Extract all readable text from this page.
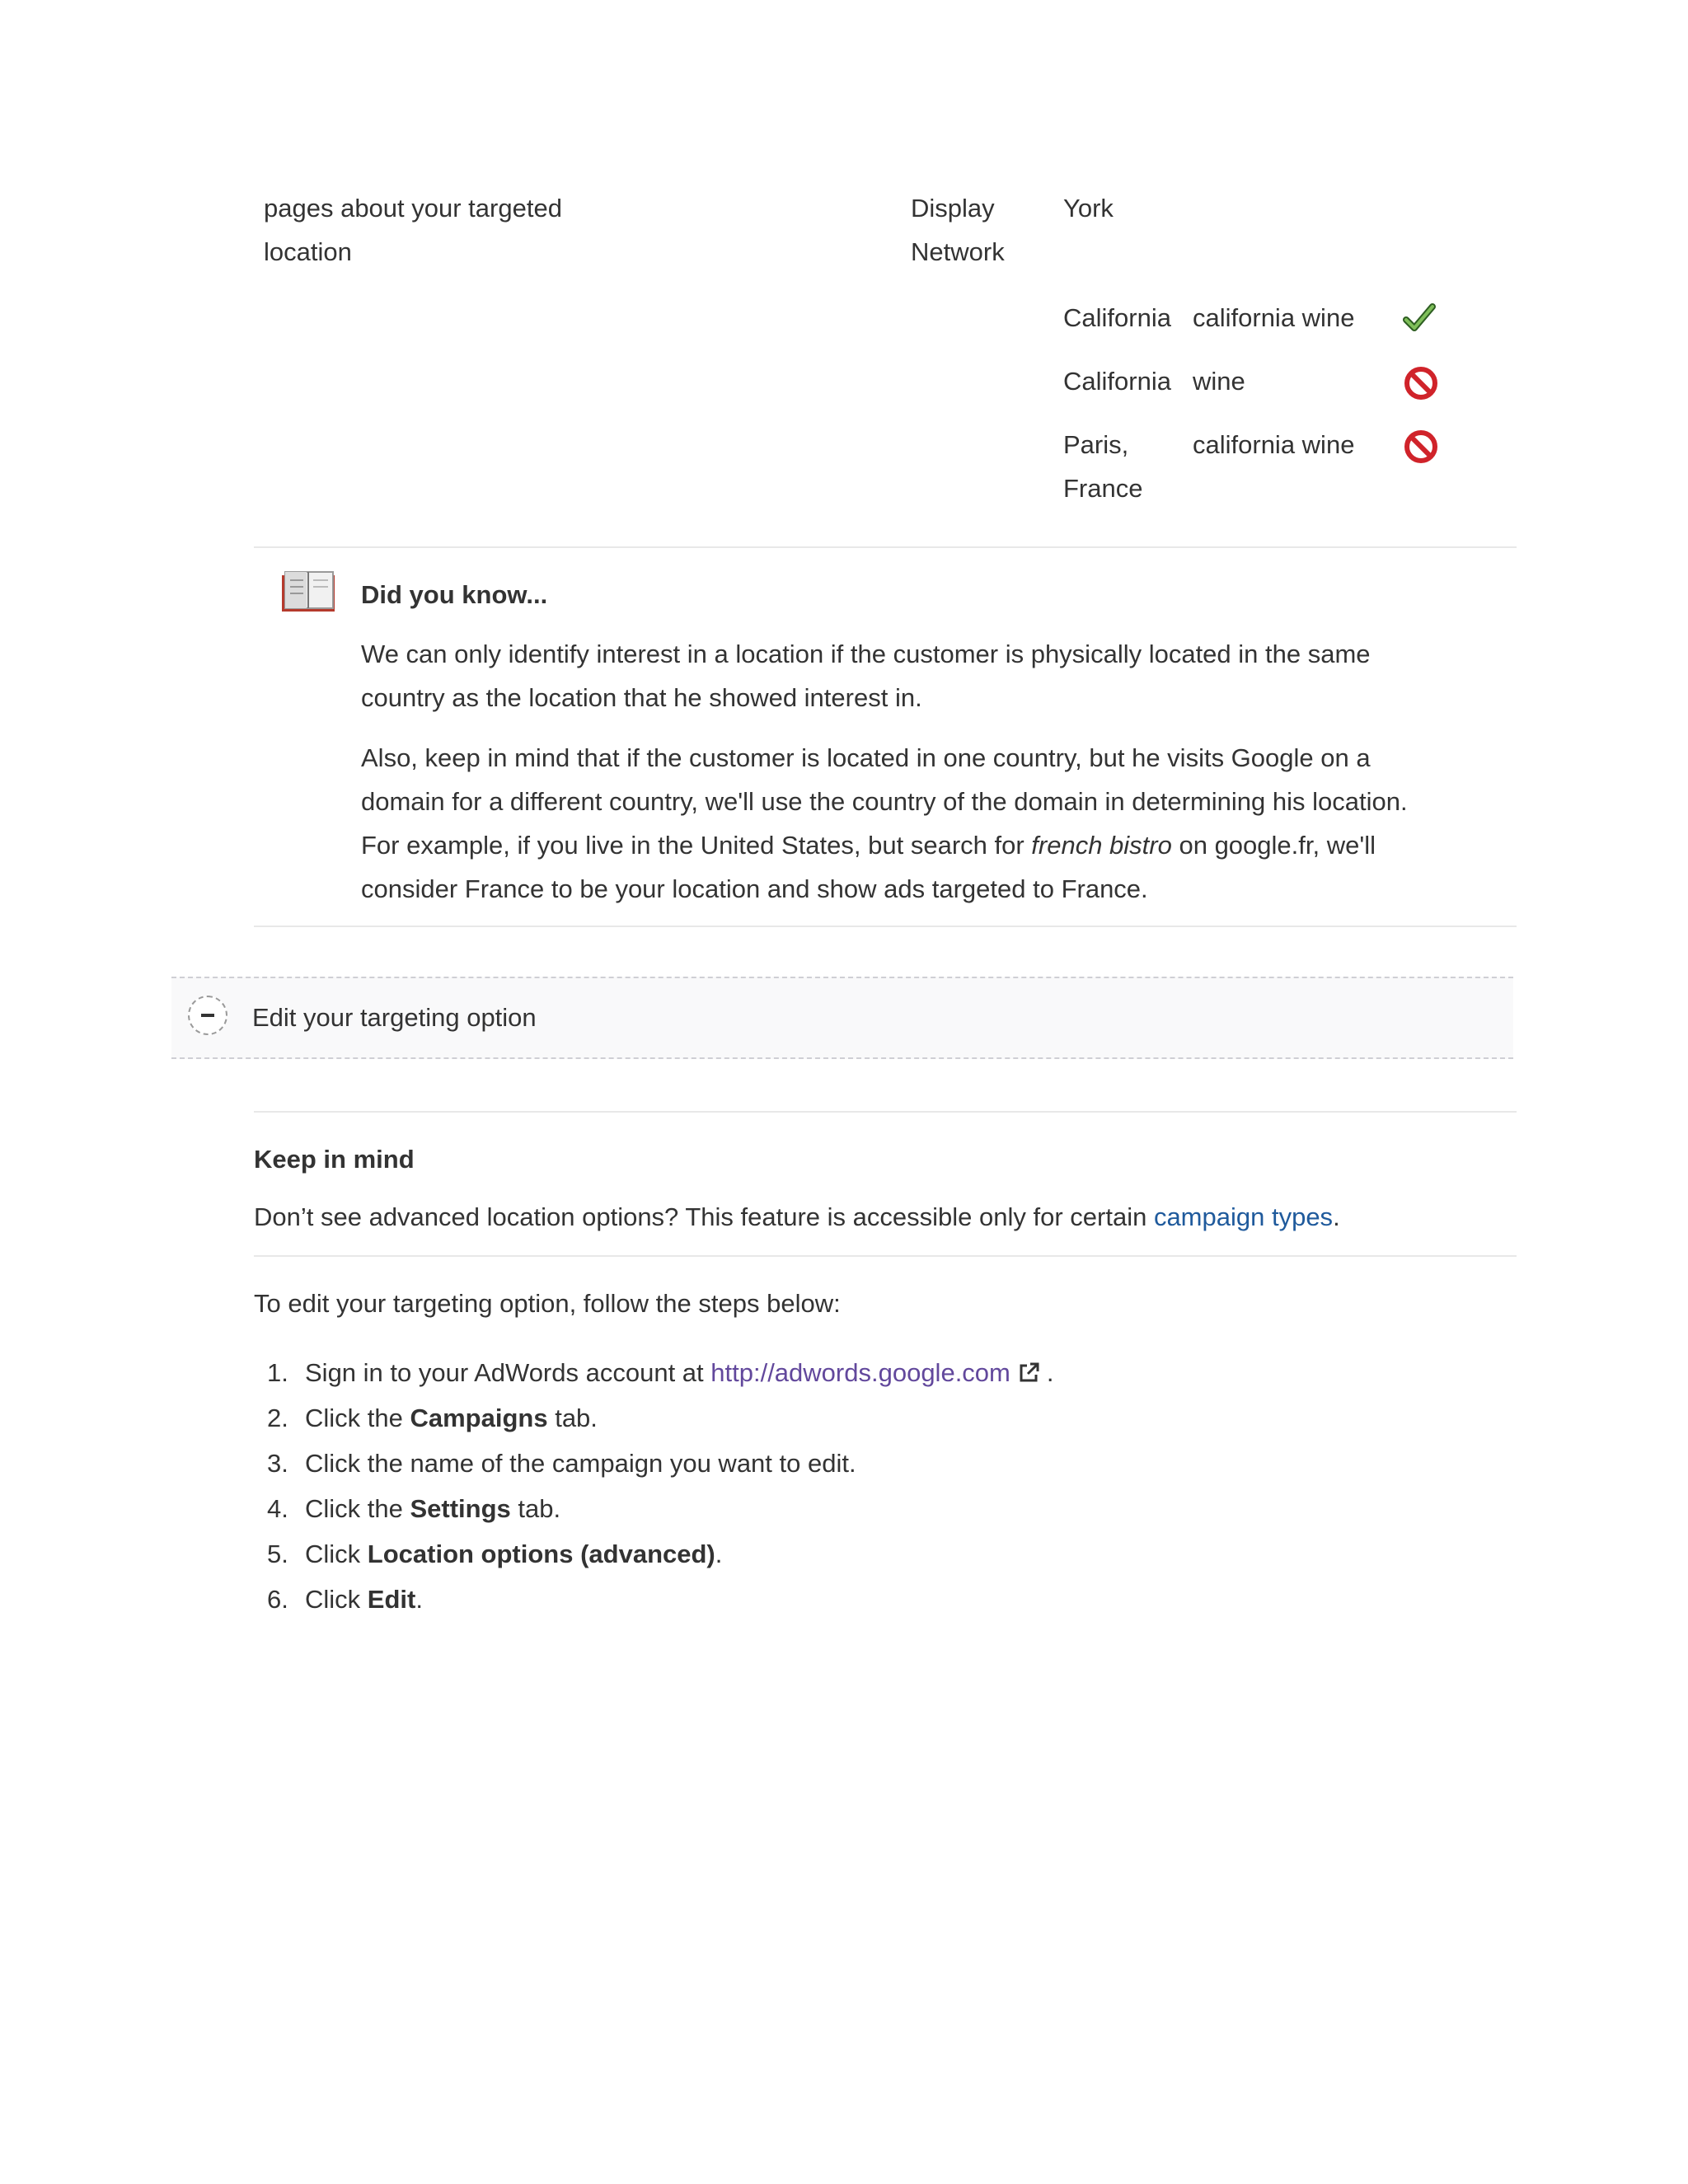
pages about your targeted
location
Display
Network
York
California california wine
California wine
Paris,
France
california wine
Did you know...

We can only identify interest in a location if the customer is physically located in the same
country as the location that he showed interest in.

Also, keep in mind that if the customer is located in one country, but he visits Google on a
domain for a different country, we'll use the country of the domain in determining his location.
For example, if you live in the United States, but search for french bistro on google.fr, we'll
consider France to be your location and show ads targeted to France.

Edit your targeting option
Keep in mind
Don’t see advanced location options? This feature is accessible only for certain campaign types.
To edit your targeting option, follow the steps below:
1. Sign in to your AdWords account at http://adwords.google.com .
2. Click the Campaigns tab.
3. Click the name of the campaign you want to edit.
4. Click the Settings tab.
5. Click Location options (advanced).
6. Click Edit.
